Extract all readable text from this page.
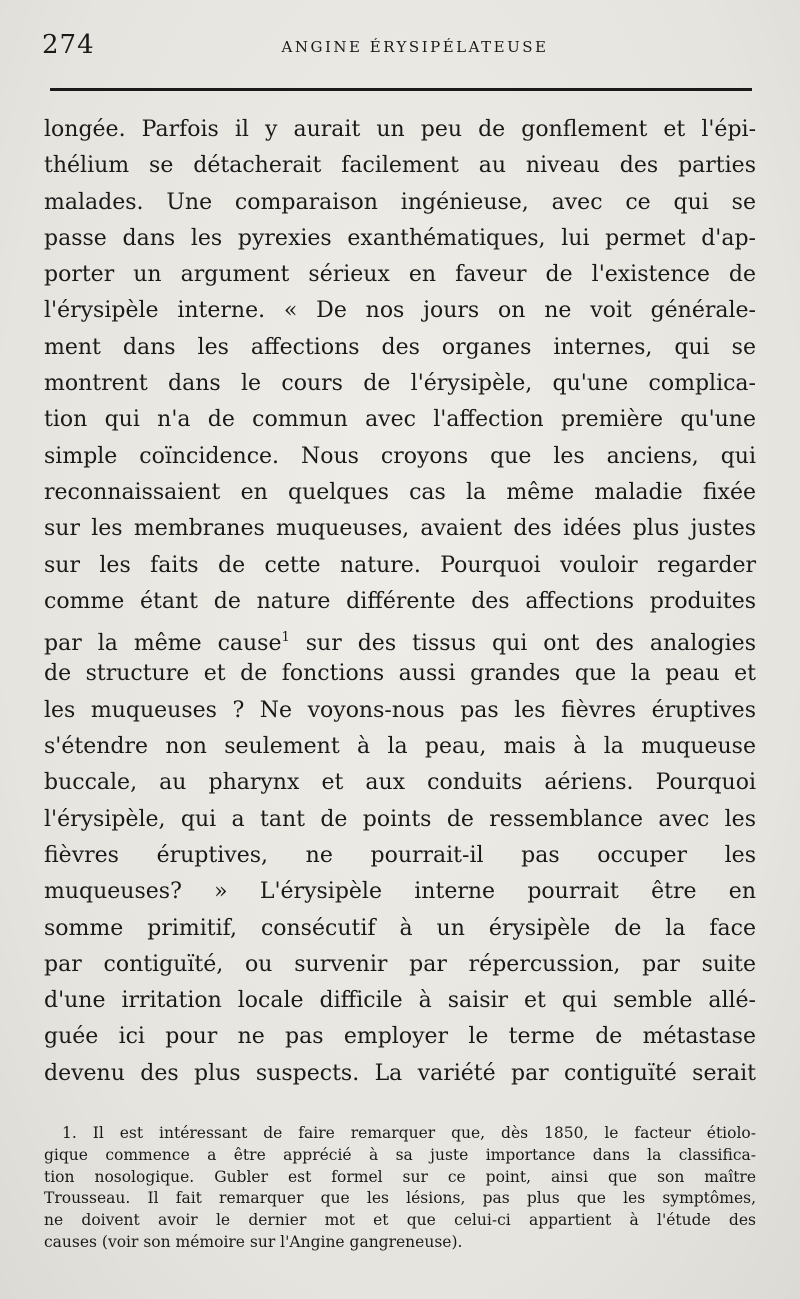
274	ANGINE ÉRYSIPÉLATEUSE
longée. Parfois il y aurait un peu de gonflement et l'épi-
thélium se détacherait facilement au niveau des parties
malades. Une comparaison ingénieuse, avec ce qui se
passe dans les pyrexies exanthématiques, lui permet d'ap-
porter un argument sérieux en faveur de l'existence de
l'érysipèle interne. « De nos jours on ne voit générale-
ment dans les affections des organes internes, qui se
montrent dans le cours de l'érysipèle, qu'une complica-
tion qui n'a de commun avec l'affection première qu'une
simple coïncidence. Nous croyons que les anciens, qui
reconnaissaient en quelques cas la même maladie fixée
sur les membranes muqueuses, avaient des idées plus justes
sur les faits de cette nature. Pourquoi vouloir regarder
comme étant de nature différente des affections produites
par la même cause$^1$ sur des tissus qui ont des analogies
de structure et de fonctions aussi grandes que la peau et
les muqueuses ? Ne voyons-nous pas les fièvres éruptives
s'étendre non seulement à la peau, mais à la muqueuse
buccale, au pharynx et aux conduits aériens. Pourquoi
l'érysipèle, qui a tant de points de ressemblance avec les
fièvres éruptives, ne pourrait-il pas occuper les
muqueuses? » L'érysipèle interne pourrait être en
somme primitif, consécutif à un érysipèle de la face
par contiguïté, ou survenir par répercussion, par suite
d'une irritation locale difficile à saisir et qui semble allé-
guée ici pour ne pas employer le terme de métastase
devenu des plus suspects. La variété par contiguïté serait
1. Il est intéressant de faire remarquer que, dès 1850, le facteur étiolo-
gique commence a être apprécié à sa juste importance dans la classifica-
tion nosologique. Gubler est formel sur ce point, ainsi que son maître
Trousseau. Il fait remarquer que les lésions, pas plus que les symptômes,
ne doivent avoir le dernier mot et que celui-ci appartient à l'étude des
causes (voir son mémoire sur l'Angine gangreneuse).
